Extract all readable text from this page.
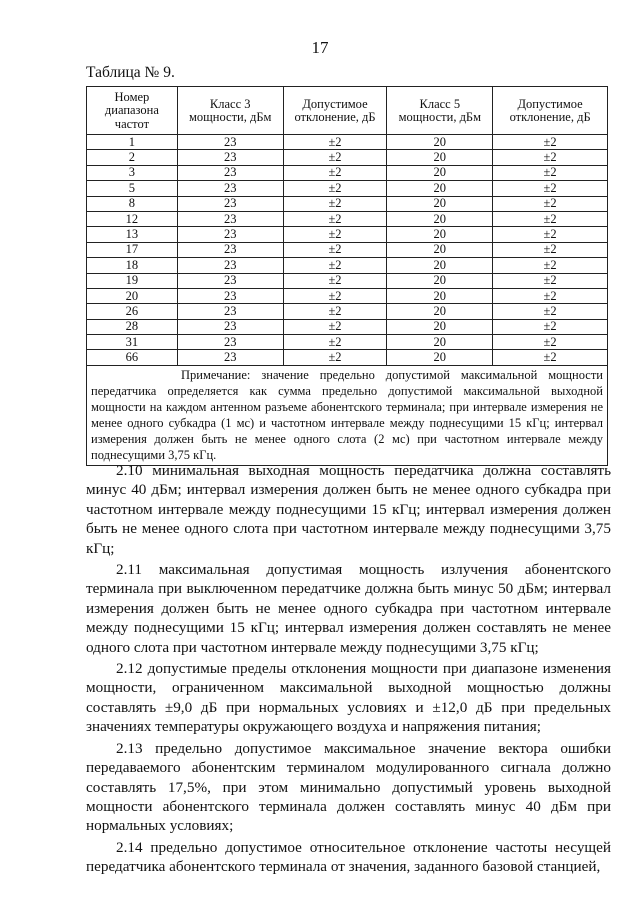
17
Таблица № 9.
Номер диапазона частот	Класс 3 мощности, дБм	Допустимое отклонение, дБ	Класс 5 мощности, дБм	Допустимое отклонение, дБ
1	23	±2	20	±2
2	23	±2	20	±2
3	23	±2	20	±2
5	23	±2	20	±2
8	23	±2	20	±2
12	23	±2	20	±2
13	23	±2	20	±2
17	23	±2	20	±2
18	23	±2	20	±2
19	23	±2	20	±2
20	23	±2	20	±2
26	23	±2	20	±2
28	23	±2	20	±2
31	23	±2	20	±2
66	23	±2	20	±2
Примечание: значение предельно допустимой максимальной мощности передатчика определяется как сумма предельно допустимой максимальной выходной мощности на каждом антенном разъеме абонентского терминала; при интервале измерения не менее одного субкадра (1 мс) и частотном интервале между поднесущими 15 кГц; интервал измерения должен быть не менее одного слота (2 мс) при частотном интервале между поднесущими 3,75 кГц.				

2.10 минимальная выходная мощность передатчика должна составлять минус 40 дБм; интервал измерения должен быть не менее одного субкадра при частотном интервале между поднесущими 15 кГц; интервал измерения должен быть не менее одного слота при частотном интервале между поднесущими 3,75 кГц;

2.11 максимальная допустимая мощность излучения абонентского терминала при выключенном передатчике должна быть минус 50 дБм; интервал измерения должен быть не менее одного субкадра при частотном интервале между поднесущими 15 кГц; интервал измерения должен составлять не менее одного слота при частотном интервале между поднесущими 3,75 кГц;

2.12 допустимые пределы отклонения мощности при диапазоне изменения мощности, ограниченном максимальной выходной мощностью должны составлять ±9,0 дБ при нормальных условиях и ±12,0 дБ при предельных значениях температуры окружающего воздуха и напряжения питания;

2.13 предельно допустимое максимальное значение вектора ошибки передаваемого абонентским терминалом модулированного сигнала должно составлять 17,5%, при этом минимально допустимый уровень выходной мощности абонентского терминала должен составлять минус 40 дБм при нормальных условиях;

2.14 предельно допустимое относительное отклонение частоты несущей передатчика абонентского терминала от значения, заданного базовой станцией,
